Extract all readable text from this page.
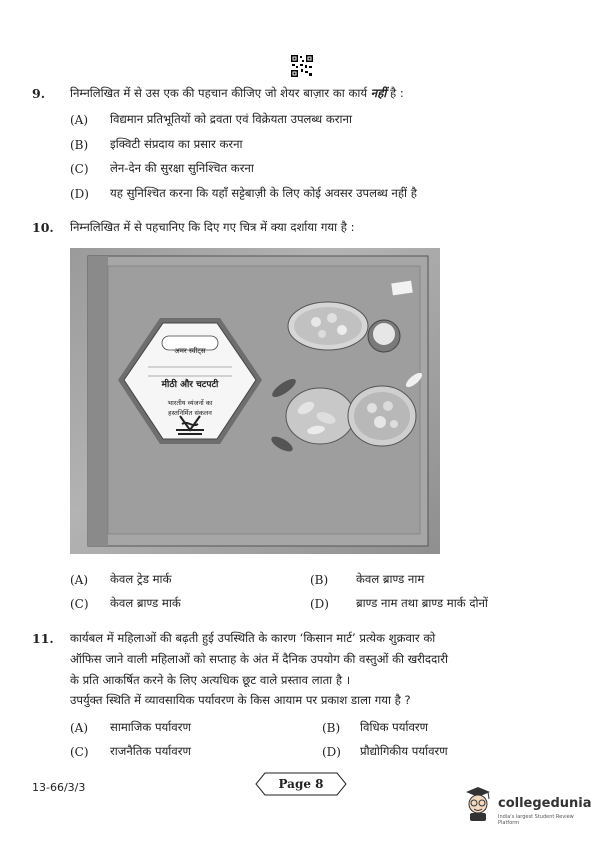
9. निम्नलिखित में से उस एक की पहचान कीजिए जो शेयर बाज़ार का कार्य नहीं है :
(A) विद्यमान प्रतिभूतियों को द्रवता एवं विक्रेयता उपलब्ध कराना
(B) इक्विटी संप्रदाय का प्रसार करना
(C) लेन-देन की सुरक्षा सुनिश्चित करना
(D) यह सुनिश्चित करना कि यहाँ सट्टेबाज़ी के लिए कोई अवसर उपलब्ध नहीं है
10. निम्नलिखित में से पहचानिए कि दिए गए चित्र में क्या दर्शाया गया है :
अमर स्वीट्स
मीठी और चटपटी
भारतीय व्यंजनों का
हस्तनिर्मित संकलन
(A) केवल ट्रेड मार्क	(B) केवल ब्राण्ड नाम
(C) केवल ब्राण्ड मार्क	(D) ब्राण्ड नाम तथा ब्राण्ड मार्क दोनों
11. कार्यबल में महिलाओं की बढ़ती हुई उपस्थिति के कारण ‘किसान मार्ट’ प्रत्येक शुक्रवार को
ऑफिस जाने वाली महिलाओं को सप्ताह के अंत में दैनिक उपयोग की वस्तुओं की खरीददारी
के प्रति आकर्षित करने के लिए अत्यधिक छूट वाले प्रस्ताव लाता है ।
उपर्युक्त स्थिति में व्यावसायिक पर्यावरण के किस आयाम पर प्रकाश डाला गया है ?
(A) सामाजिक पर्यावरण	(B) विधिक पर्यावरण
(C) राजनैतिक पर्यावरण	(D) प्रौद्योगिकीय पर्यावरण
13-66/3/3	Page 8
collegedunia
India's largest Student Review Platform
